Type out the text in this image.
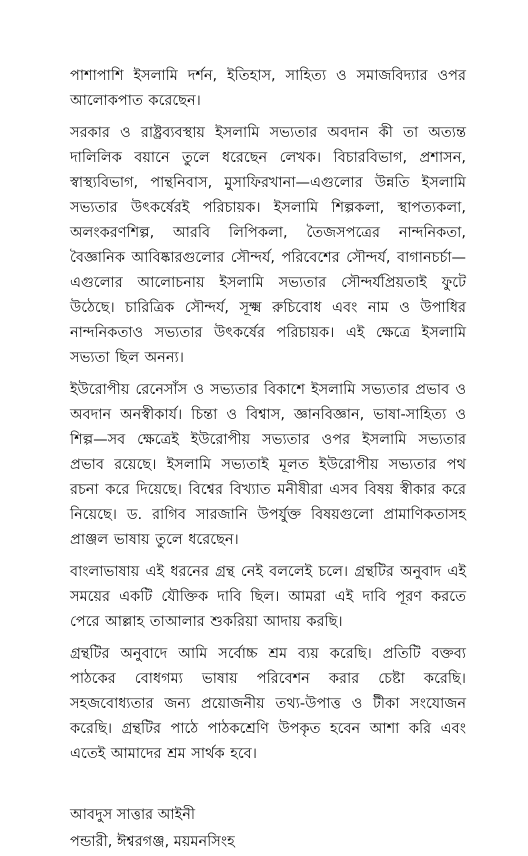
পাশাপাশি ইসলামি দর্শন, ইতিহাস, সাহিত্য ও সমাজবিদ্যার ওপর আলোকপাত করেছেন।

সরকার ও রাষ্ট্রব্যবস্থায় ইসলামি সভ্যতার অবদান কী তা অত্যন্ত দালিলিক বয়ানে তুলে ধরেছেন লেখক। বিচারবিভাগ, প্রশাসন, স্বাস্থ্যবিভাগ, পান্থনিবাস, মুসাফিরখানা—এগুলোর উন্নতি ইসলামি সভ্যতার উৎকর্ষেরই পরিচায়ক। ইসলামি শিল্পকলা, স্থাপত্যকলা, অলংকরণশিল্প, আরবি লিপিকলা, তৈজসপত্রের নান্দনিকতা, বৈজ্ঞানিক আবিষ্কারগুলোর সৌন্দর্য, পরিবেশের সৌন্দর্য, বাগানচর্চা—এগুলোর আলোচনায় ইসলামি সভ্যতার সৌন্দর্যপ্রিয়তাই ফুটে উঠেছে। চারিত্রিক সৌন্দর্য, সূক্ষ্ম রুচিবোধ এবং নাম ও উপাধির নান্দনিকতাও সভ্যতার উৎকর্ষের পরিচায়ক। এই ক্ষেত্রে ইসলামি সভ্যতা ছিল অনন্য।

ইউরোপীয় রেনেসাঁস ও সভ্যতার বিকাশে ইসলামি সভ্যতার প্রভাব ও অবদান অনস্বীকার্য। চিন্তা ও বিশ্বাস, জ্ঞানবিজ্ঞান, ভাষা-সাহিত্য ও শিল্প—সব ক্ষেত্রেই ইউরোপীয় সভ্যতার ওপর ইসলামি সভ্যতার প্রভাব রয়েছে। ইসলামি সভ্যতাই মূলত ইউরোপীয় সভ্যতার পথ রচনা করে দিয়েছে। বিশ্বের বিখ্যাত মনীষীরা এসব বিষয় স্বীকার করে নিয়েছে। ড. রাগিব সারজানি উপর্যুক্ত বিষয়গুলো প্রামাণিকতাসহ প্রাঞ্জল ভাষায় তুলে ধরেছেন।

বাংলাভাষায় এই ধরনের গ্রন্থ নেই বললেই চলে। গ্রন্থটির অনুবাদ এই সময়ের একটি যৌক্তিক দাবি ছিল। আমরা এই দাবি পূরণ করতে পেরে আল্লাহ তাআলার শুকরিয়া আদায় করছি।

গ্রন্থটির অনুবাদে আমি সর্বোচ্চ শ্রম ব্যয় করেছি। প্রতিটি বক্তব্য পাঠকের বোধগম্য ভাষায় পরিবেশন করার চেষ্টা করেছি। সহজবোধ্যতার জন্য প্রয়োজনীয় তথ্য-উপাত্ত ও টীকা সংযোজন করেছি। গ্রন্থটির পাঠে পাঠকশ্রেণি উপকৃত হবেন আশা করি এবং এতেই আমাদের শ্রম সার্থক হবে।

আবদুস সাত্তার আইনী

পন্ডারী, ঈশ্বরগঞ্জ, ময়মনসিংহ
